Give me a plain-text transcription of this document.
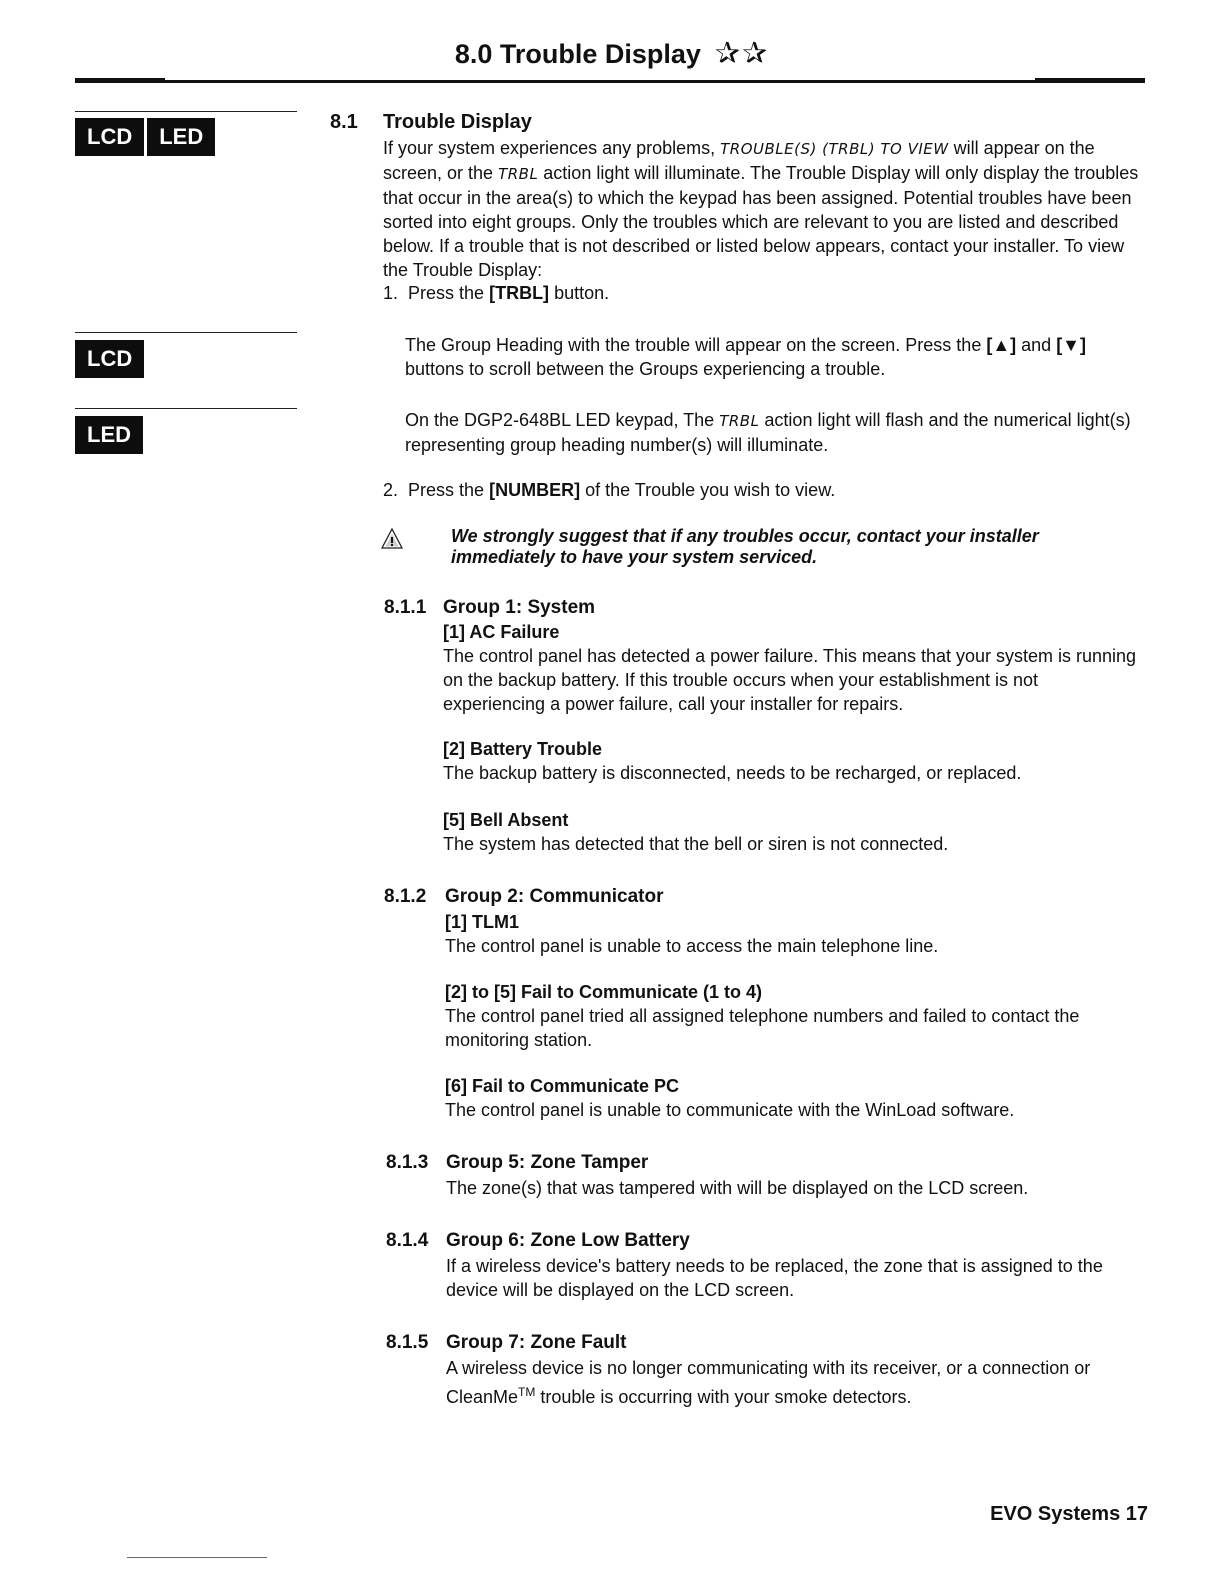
8.0 Trouble Display ✰✰
LCD LED
LCD
LED
8.1 Trouble Display
If your system experiences any problems, TROUBLE(S) (TRBL) TO VIEW will appear on the screen, or the TRBL action light will illuminate. The Trouble Display will only display the troubles that occur in the area(s) to which the keypad has been assigned. Potential troubles have been sorted into eight groups. Only the troubles which are relevant to you are listed and described below. If a trouble that is not described or listed below appears, contact your installer. To view the Trouble Display:
1. Press the [TRBL] button.
The Group Heading with the trouble will appear on the screen. Press the [▲] and [▼] buttons to scroll between the Groups experiencing a trouble.
On the DGP2-648BL LED keypad, The TRBL action light will flash and the numerical light(s) representing group heading number(s) will illuminate.
2. Press the [NUMBER] of the Trouble you wish to view.
We strongly suggest that if any troubles occur, contact your installer immediately to have your system serviced.
8.1.1 Group 1: System
[1] AC Failure
The control panel has detected a power failure. This means that your system is running on the backup battery. If this trouble occurs when your establishment is not experiencing a power failure, call your installer for repairs.
[2] Battery Trouble
The backup battery is disconnected, needs to be recharged, or replaced.
[5] Bell Absent
The system has detected that the bell or siren is not connected.
8.1.2 Group 2: Communicator
[1] TLM1
The control panel is unable to access the main telephone line.
[2] to [5] Fail to Communicate (1 to 4)
The control panel tried all assigned telephone numbers and failed to contact the monitoring station.
[6] Fail to Communicate PC
The control panel is unable to communicate with the WinLoad software.
8.1.3 Group 5: Zone Tamper
The zone(s) that was tampered with will be displayed on the LCD screen.
8.1.4 Group 6: Zone Low Battery
If a wireless device's battery needs to be replaced, the zone that is assigned to the device will be displayed on the LCD screen.
8.1.5 Group 7: Zone Fault
A wireless device is no longer communicating with its receiver, or a connection or CleanMe™ trouble is occurring with your smoke detectors.
EVO Systems 17
